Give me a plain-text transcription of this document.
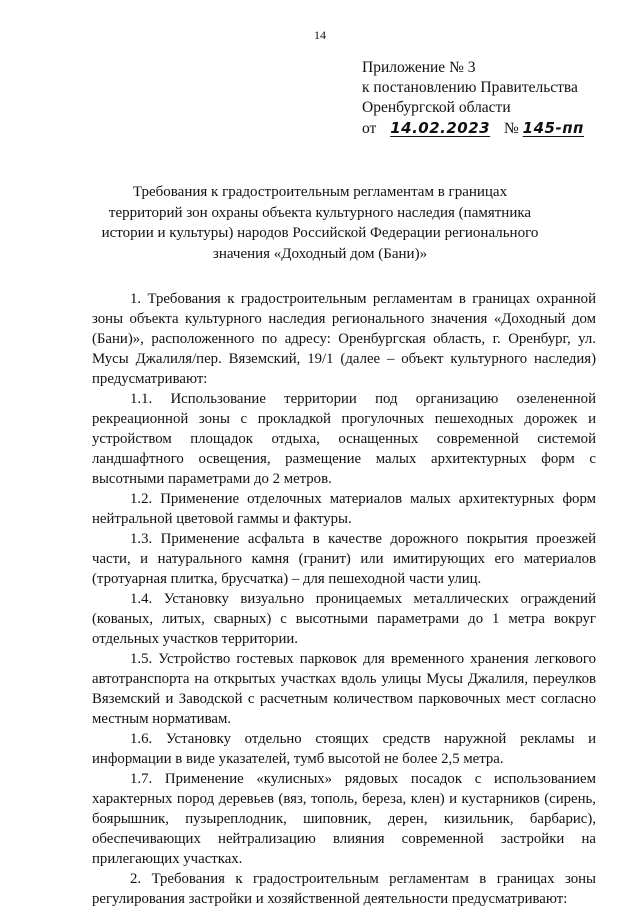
14
Приложение № 3
к постановлению Правительства
Оренбургской области
от 14.02.2023 № 145-пп
Требования к градостроительным регламентам в границах территорий зон охраны объекта культурного наследия (памятника истории и культуры) народов Российской Федерации регионального значения «Доходный дом (Бани)»

1. Требования к градостроительным регламентам в границах охранной зоны объекта культурного наследия регионального значения «Доходный дом (Бани)», расположенного по адресу: Оренбургская область, г. Оренбург, ул. Мусы Джалиля/пер. Вяземский, 19/1 (далее – объект культурного наследия) предусматривают:

1.1. Использование территории под организацию озелененной рекреационной зоны с прокладкой прогулочных пешеходных дорожек и устройством площадок отдыха, оснащенных современной системой ландшафтного освещения, размещение малых архитектурных форм с высотными параметрами до 2 метров.

1.2. Применение отделочных материалов малых архитектурных форм нейтральной цветовой гаммы и фактуры.

1.3. Применение асфальта в качестве дорожного покрытия проезжей части, и натурального камня (гранит) или имитирующих его материалов (тротуарная плитка, брусчатка) – для пешеходной части улиц.

1.4. Установку визуально проницаемых металлических ограждений (кованых, литых, сварных) с высотными параметрами до 1 метра вокруг отдельных участков территории.

1.5. Устройство гостевых парковок для временного хранения легкового автотранспорта на открытых участках вдоль улицы Мусы Джалиля, переулков Вяземский и Заводской с расчетным количеством парковочных мест согласно местным нормативам.

1.6. Установку отдельно стоящих средств наружной рекламы и информации в виде указателей, тумб высотой не более 2,5 метра.

1.7. Применение «кулисных» рядовых посадок с использованием характерных пород деревьев (вяз, тополь, береза, клен) и кустарников (сирень, боярышник, пузыреплодник, шиповник, дерен, кизильник, барбарис), обеспечивающих нейтрализацию влияния современной застройки на прилегающих участках.

2. Требования к градостроительным регламентам в границах зоны регулирования застройки и хозяйственной деятельности предусматривают:
